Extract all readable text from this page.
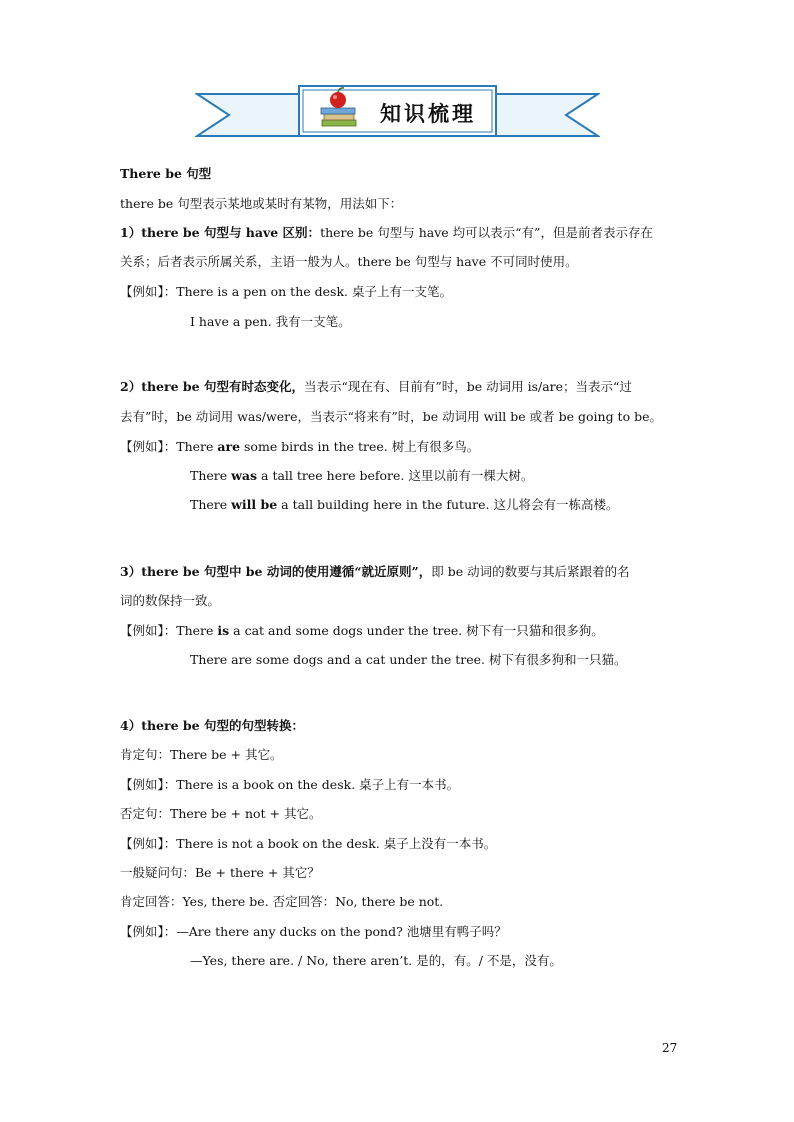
知识梳理
There be 句型
there be 句型表示某地或某时有某物，用法如下：
1）there be 句型与 have 区别：there be 句型与 have 均可以表示“有”，但是前者表示存在
关系；后者表示所属关系，主语一般为人。there be 句型与 have 不可同时使用。
【例如】：There is a pen on the desk. 桌子上有一支笔。
I have a pen. 我有一支笔。
2）there be 句型有时态变化，当表示“现在有、目前有”时，be 动词用 is/are；当表示“过
去有”时，be 动词用 was/were，当表示“将来有”时，be 动词用 will be 或者 be going to be。
【例如】：There are some birds in the tree. 树上有很多鸟。
There was a tall tree here before. 这里以前有一棵大树。
There will be a tall building here in the future. 这儿将会有一栋高楼。
3）there be 句型中 be 动词的使用遵循“就近原则”，即 be 动词的数要与其后紧跟着的名
词的数保持一致。
【例如】：There is a cat and some dogs under the tree. 树下有一只猫和很多狗。
There are some dogs and a cat under the tree. 树下有很多狗和一只猫。
4）there be 句型的句型转换：
肯定句：There be + 其它。
【例如】：There is a book on the desk. 桌子上有一本书。
否定句：There be + not + 其它。
【例如】：There is not a book on the desk. 桌子上没有一本书。
一般疑问句：Be + there + 其它？
肯定回答：Yes, there be. 否定回答：No, there be not.
【例如】：—Are there any ducks on the pond? 池塘里有鸭子吗？
—Yes, there are. / No, there aren’t. 是的，有。/ 不是，没有。
27
